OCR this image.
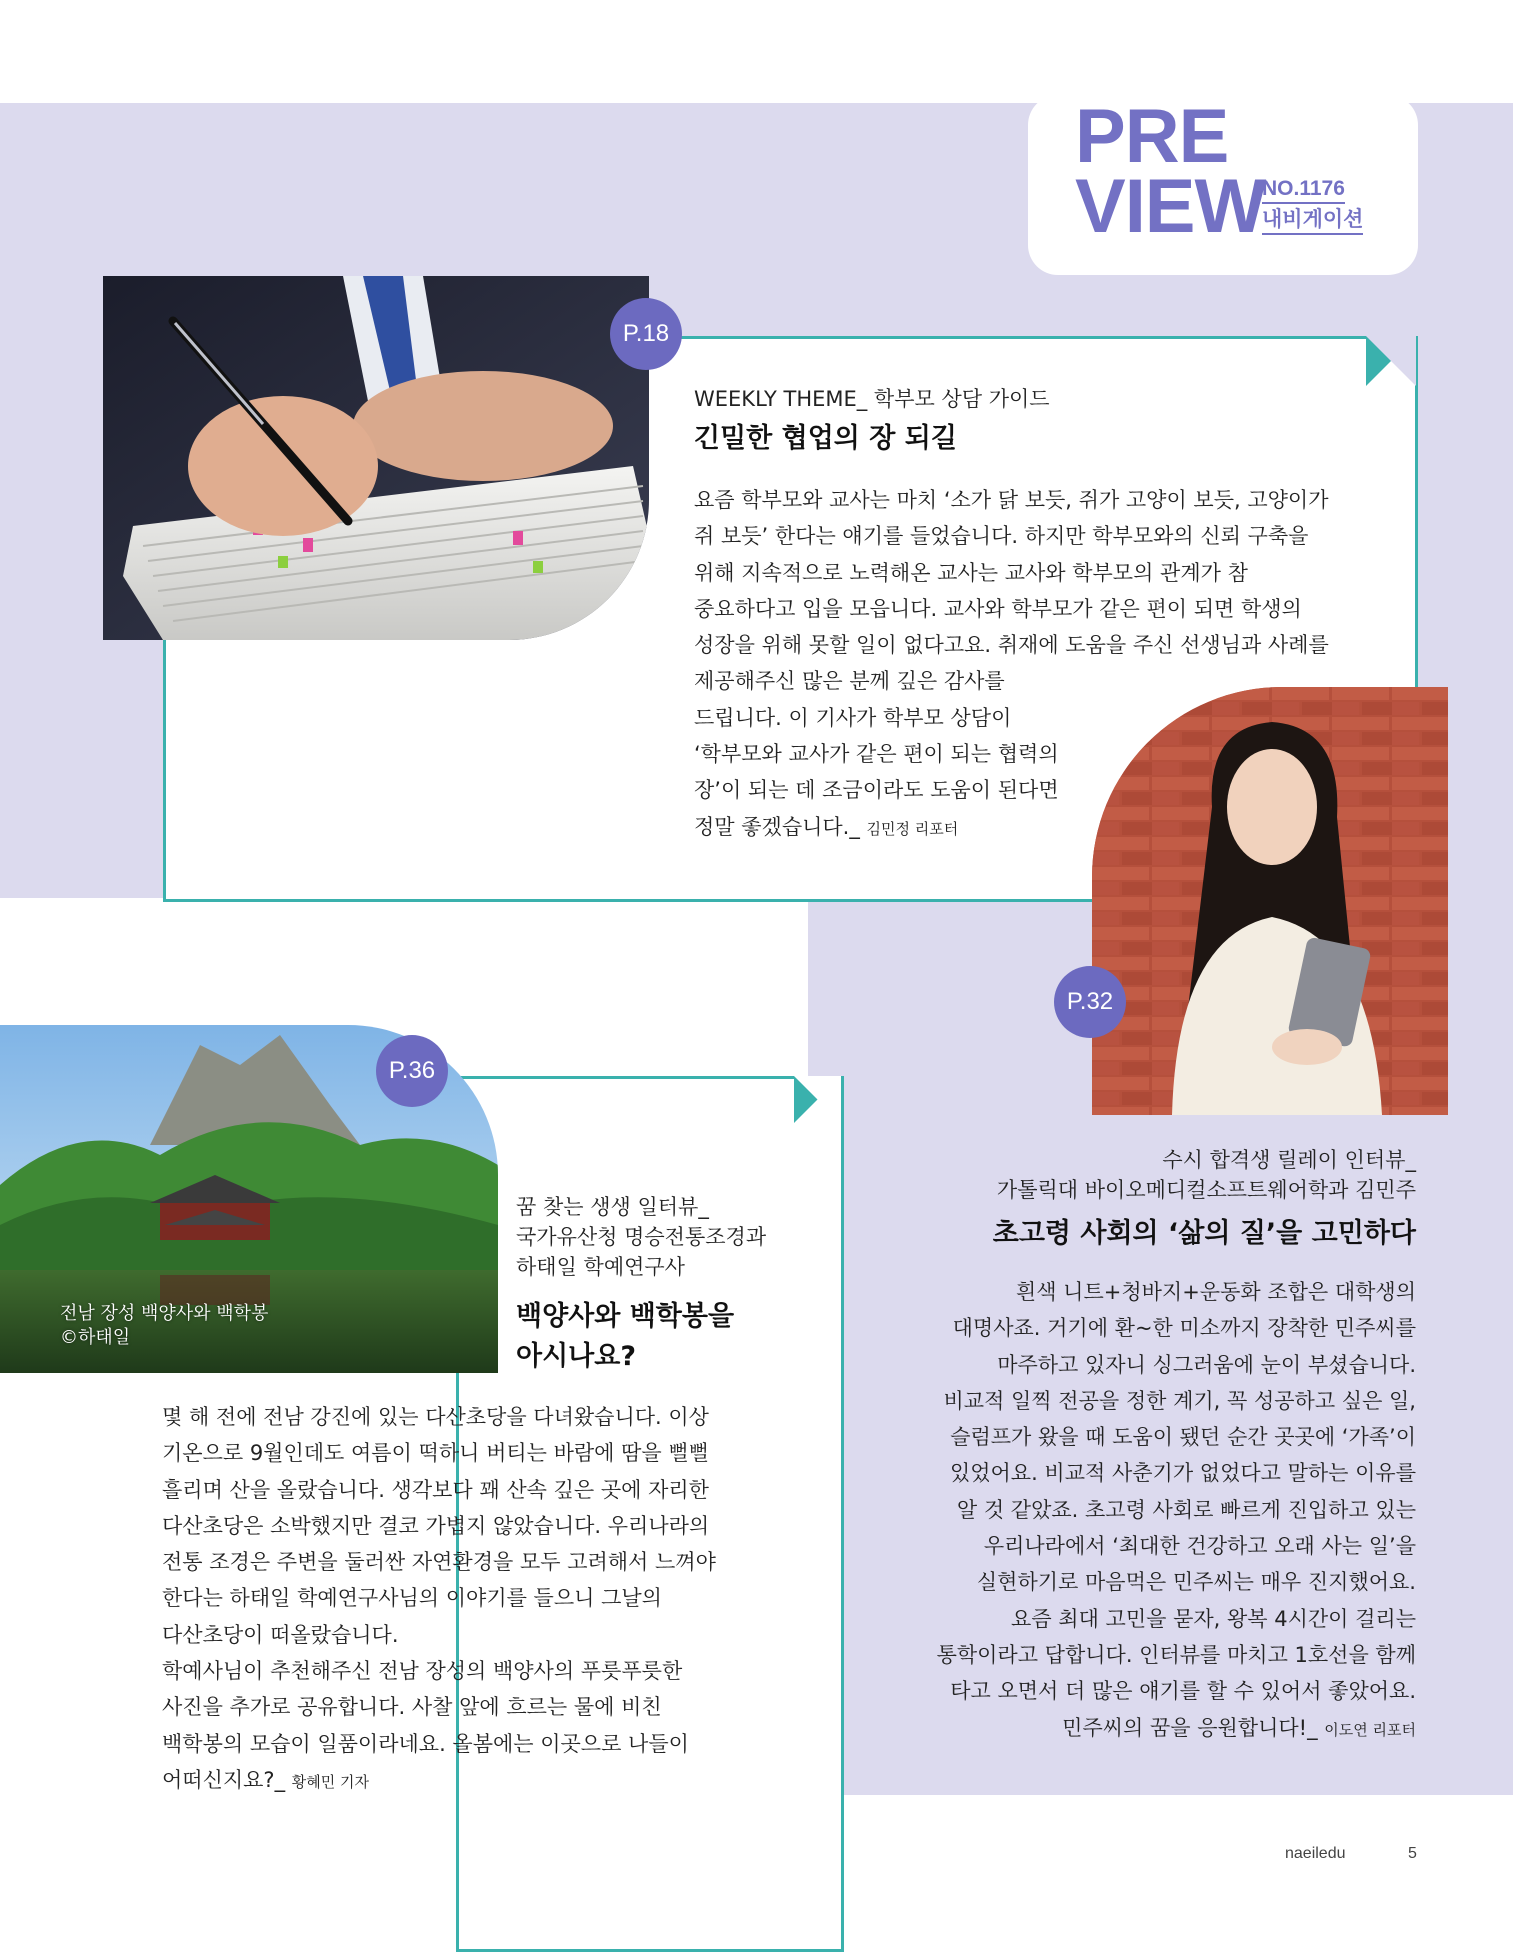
PRE
VIEW
NO.1176
내비게이션
P.18
WEEKLY THEME_ 학부모 상담 가이드
긴밀한 협업의 장 되길
요즘 학부모와 교사는 마치 ‘소가 닭 보듯, 쥐가 고양이 보듯, 고양이가
쥐 보듯’ 한다는 얘기를 들었습니다. 하지만 학부모와의 신뢰 구축을
위해 지속적으로 노력해온 교사는 교사와 학부모의 관계가 참
중요하다고 입을 모읍니다. 교사와 학부모가 같은 편이 되면 학생의
성장을 위해 못할 일이 없다고요. 취재에 도움을 주신 선생님과 사례를
제공해주신 많은 분께 깊은 감사를
드립니다. 이 기사가 학부모 상담이
‘학부모와 교사가 같은 편이 되는 협력의
장’이 되는 데 조금이라도 도움이 된다면
정말 좋겠습니다._ 김민정 리포터
P.32
수시 합격생 릴레이 인터뷰_
가톨릭대 바이오메디컬소프트웨어학과 김민주
초고령 사회의 ‘삶의 질’을 고민하다
흰색 니트+청바지+운동화 조합은 대학생의
대명사죠. 거기에 환~한 미소까지 장착한 민주씨를
마주하고 있자니 싱그러움에 눈이 부셨습니다.
비교적 일찍 전공을 정한 계기, 꼭 성공하고 싶은 일,
슬럼프가 왔을 때 도움이 됐던 순간 곳곳에 ‘가족’이
있었어요. 비교적 사춘기가 없었다고 말하는 이유를
알 것 같았죠. 초고령 사회로 빠르게 진입하고 있는
우리나라에서 ‘최대한 건강하고 오래 사는 일’을
실현하기로 마음먹은 민주씨는 매우 진지했어요.
요즘 최대 고민을 묻자, 왕복 4시간이 걸리는
통학이라고 답합니다. 인터뷰를 마치고 1호선을 함께
타고 오면서 더 많은 얘기를 할 수 있어서 좋았어요.
민주씨의 꿈을 응원합니다!_ 이도연 리포터
전남 장성 백양사와 백학봉
©하태일
P.36
꿈 찾는 생생 일터뷰_
국가유산청 명승전통조경과
하태일 학예연구사
백양사와 백학봉을
아시나요?
몇 해 전에 전남 강진에 있는 다산초당을 다녀왔습니다. 이상
기온으로 9월인데도 여름이 떡하니 버티는 바람에 땀을 뻘뻘
흘리며 산을 올랐습니다. 생각보다 꽤 산속 깊은 곳에 자리한
다산초당은 소박했지만 결코 가볍지 않았습니다. 우리나라의
전통 조경은 주변을 둘러싼 자연환경을 모두 고려해서 느껴야
한다는 하태일 학예연구사님의 이야기를 들으니 그날의
다산초당이 떠올랐습니다.
학예사님이 추천해주신 전남 장성의 백양사의 푸릇푸릇한
사진을 추가로 공유합니다. 사찰 앞에 흐르는 물에 비친
백학봉의 모습이 일품이라네요. 올봄에는 이곳으로 나들이
어떠신지요?_ 황혜민 기자
naeiledu	5
